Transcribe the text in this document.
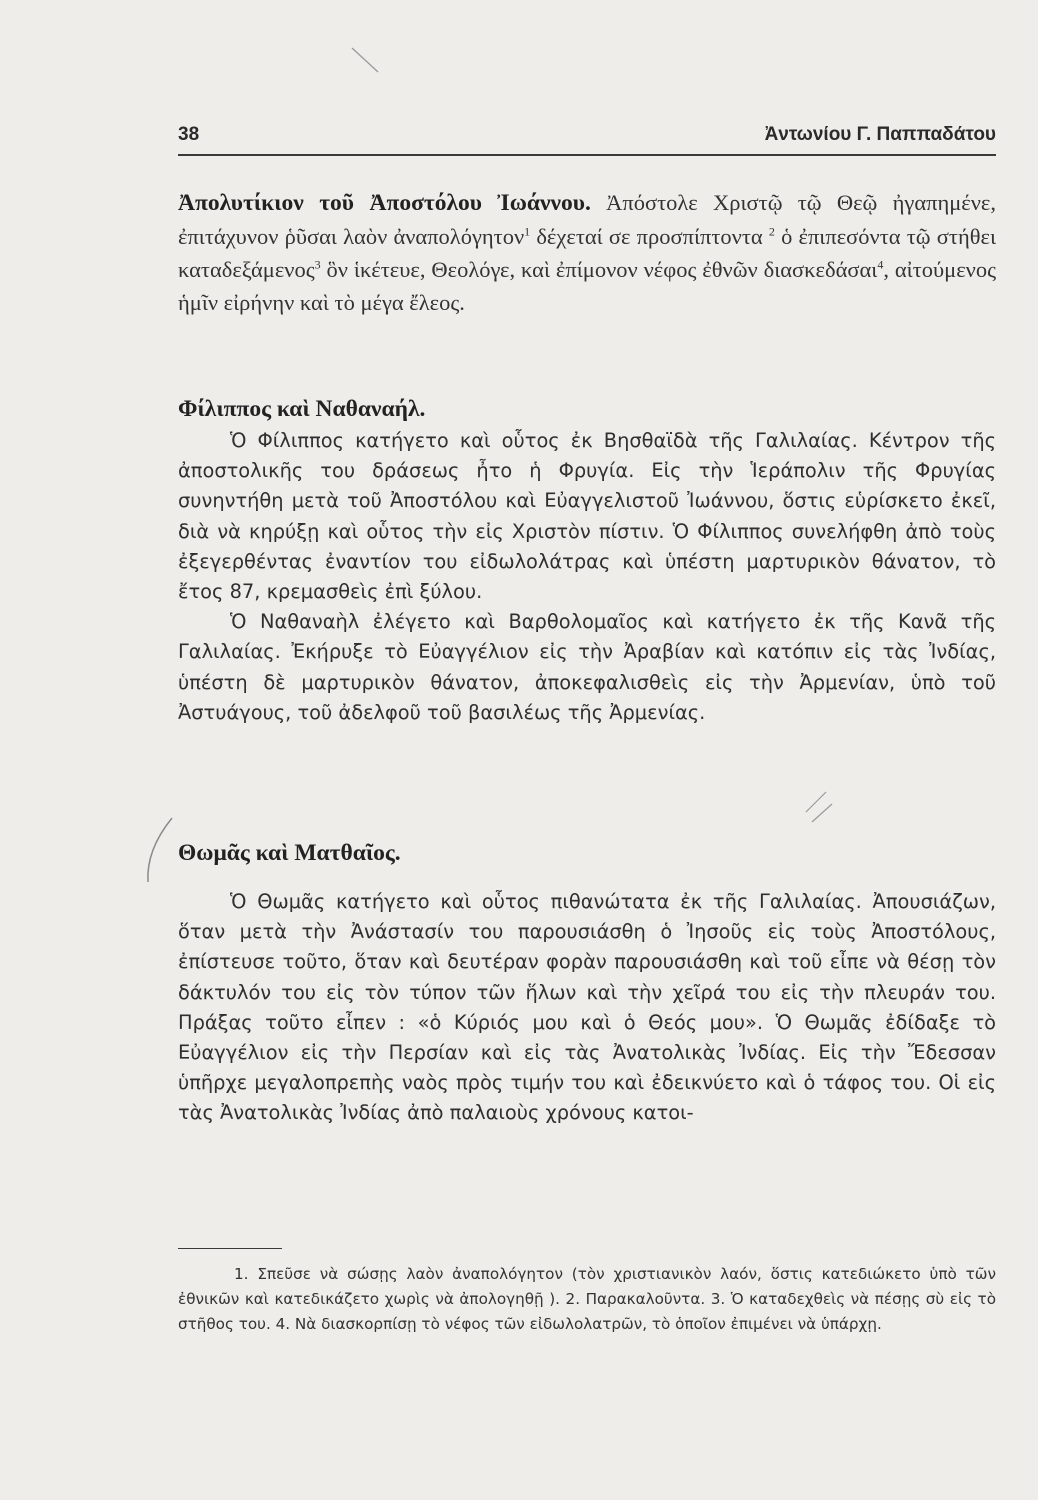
38	Ἀντωνίου Γ. Παππαδάτου
Ἀπολυτίκιον τοῦ Ἀποστόλου Ἰωάννου. Ἀπόστολε Χριστῷ τῷ Θεῷ ἠγαπημένε, ἐπιτάχυνον ῥῦσαι λαὸν ἀναπολόγητον$^1$ δέχεταί σε προσπίπτοντα $^2$ ὁ ἐπιπεσόντα τῷ στήθει καταδεξάμενος$^3$ ὃν ἱκέτευε, Θεολόγε, καὶ ἐπίμονον νέφος ἐθνῶν διασκεδάσαι$^4$, αἰτούμενος ἡμῖν εἰρήνην καὶ τὸ μέγα ἔλεος.
Φίλιππος καὶ Ναθαναήλ.

Ὁ Φίλιππος κατήγετο καὶ οὗτος ἐκ Βησθαϊδὰ τῆς Γαλιλαίας. Κέντρον τῆς ἀποστολικῆς του δράσεως ἦτο ἡ Φρυγία. Εἰς τὴν Ἱεράπολιν τῆς Φρυγίας συνηντήθη μετὰ τοῦ Ἀποστόλου καὶ Εὐαγγελιστοῦ Ἰωάννου, ὅστις εὑρίσκετο ἐκεῖ, διὰ νὰ κηρύξῃ καὶ οὗτος τὴν εἰς Χριστὸν πίστιν. Ὁ Φίλιππος συνελήφθη ἀπὸ τοὺς ἐξεγερθέντας ἐναντίον του εἰδωλολάτρας καὶ ὑπέστη μαρτυρικὸν θάνατον, τὸ ἔτος 87, κρεμασθεὶς ἐπὶ ξύλου.

Ὁ Ναθαναὴλ ἐλέγετο καὶ Βαρθολομαῖος καὶ κατήγετο ἐκ τῆς Κανᾶ τῆς Γαλιλαίας. Ἐκήρυξε τὸ Εὐαγγέλιον εἰς τὴν Ἀραβίαν καὶ κατόπιν εἰς τὰς Ἰνδίας, ὑπέστη δὲ μαρτυρικὸν θάνατον, ἀποκεφαλισθεὶς εἰς τὴν Ἀρμενίαν, ὑπὸ τοῦ Ἀστυάγους, τοῦ ἀδελφοῦ τοῦ βασιλέως τῆς Ἀρμενίας.

Θωμᾶς καὶ Ματθαῖος.

Ὁ Θωμᾶς κατήγετο καὶ οὗτος πιθανώτατα ἐκ τῆς Γαλιλαίας. Ἀπουσιάζων, ὅταν μετὰ τὴν Ἀνάστασίν του παρουσιάσθη ὁ Ἰησοῦς εἰς τοὺς Ἀποστόλους, ἐπίστευσε τοῦτο, ὅταν καὶ δευτέραν φορὰν παρουσιάσθη καὶ τοῦ εἶπε νὰ θέσῃ τὸν δάκτυλόν του εἰς τὸν τύπον τῶν ἥλων καὶ τὴν χεῖρά του εἰς τὴν πλευράν του. Πράξας τοῦτο εἶπεν : «ὁ Κύριός μου καὶ ὁ Θεός μου». Ὁ Θωμᾶς ἐδίδαξε τὸ Εὐαγγέλιον εἰς τὴν Περσίαν καὶ εἰς τὰς Ἀνατολικὰς Ἰνδίας. Εἰς τὴν Ἔδεσσαν ὑπῆρχε μεγαλοπρεπὴς ναὸς πρὸς τιμήν του καὶ ἐδεικνύετο καὶ ὁ τάφος του. Οἱ εἰς τὰς Ἀνατολικὰς Ἰνδίας ἀπὸ παλαιοὺς χρόνους κατοι-

1. Σπεῦσε νὰ σώσῃς λαὸν ἀναπολόγητον (τὸν χριστιανικὸν λαόν, ὅστις κατεδιώκετο ὑπὸ τῶν ἐθνικῶν καὶ κατεδικάζετο χωρὶς νὰ ἀπολογηθῇ ). 2. Παρακαλοῦντα. 3. Ὁ καταδεχθεὶς νὰ πέσῃς σὺ εἰς τὸ στῆθος του. 4. Νὰ διασκορπίσῃ τὸ νέφος τῶν εἰδωλολατρῶν, τὸ ὁποῖον ἐπιμένει νὰ ὑπάρχῃ.
